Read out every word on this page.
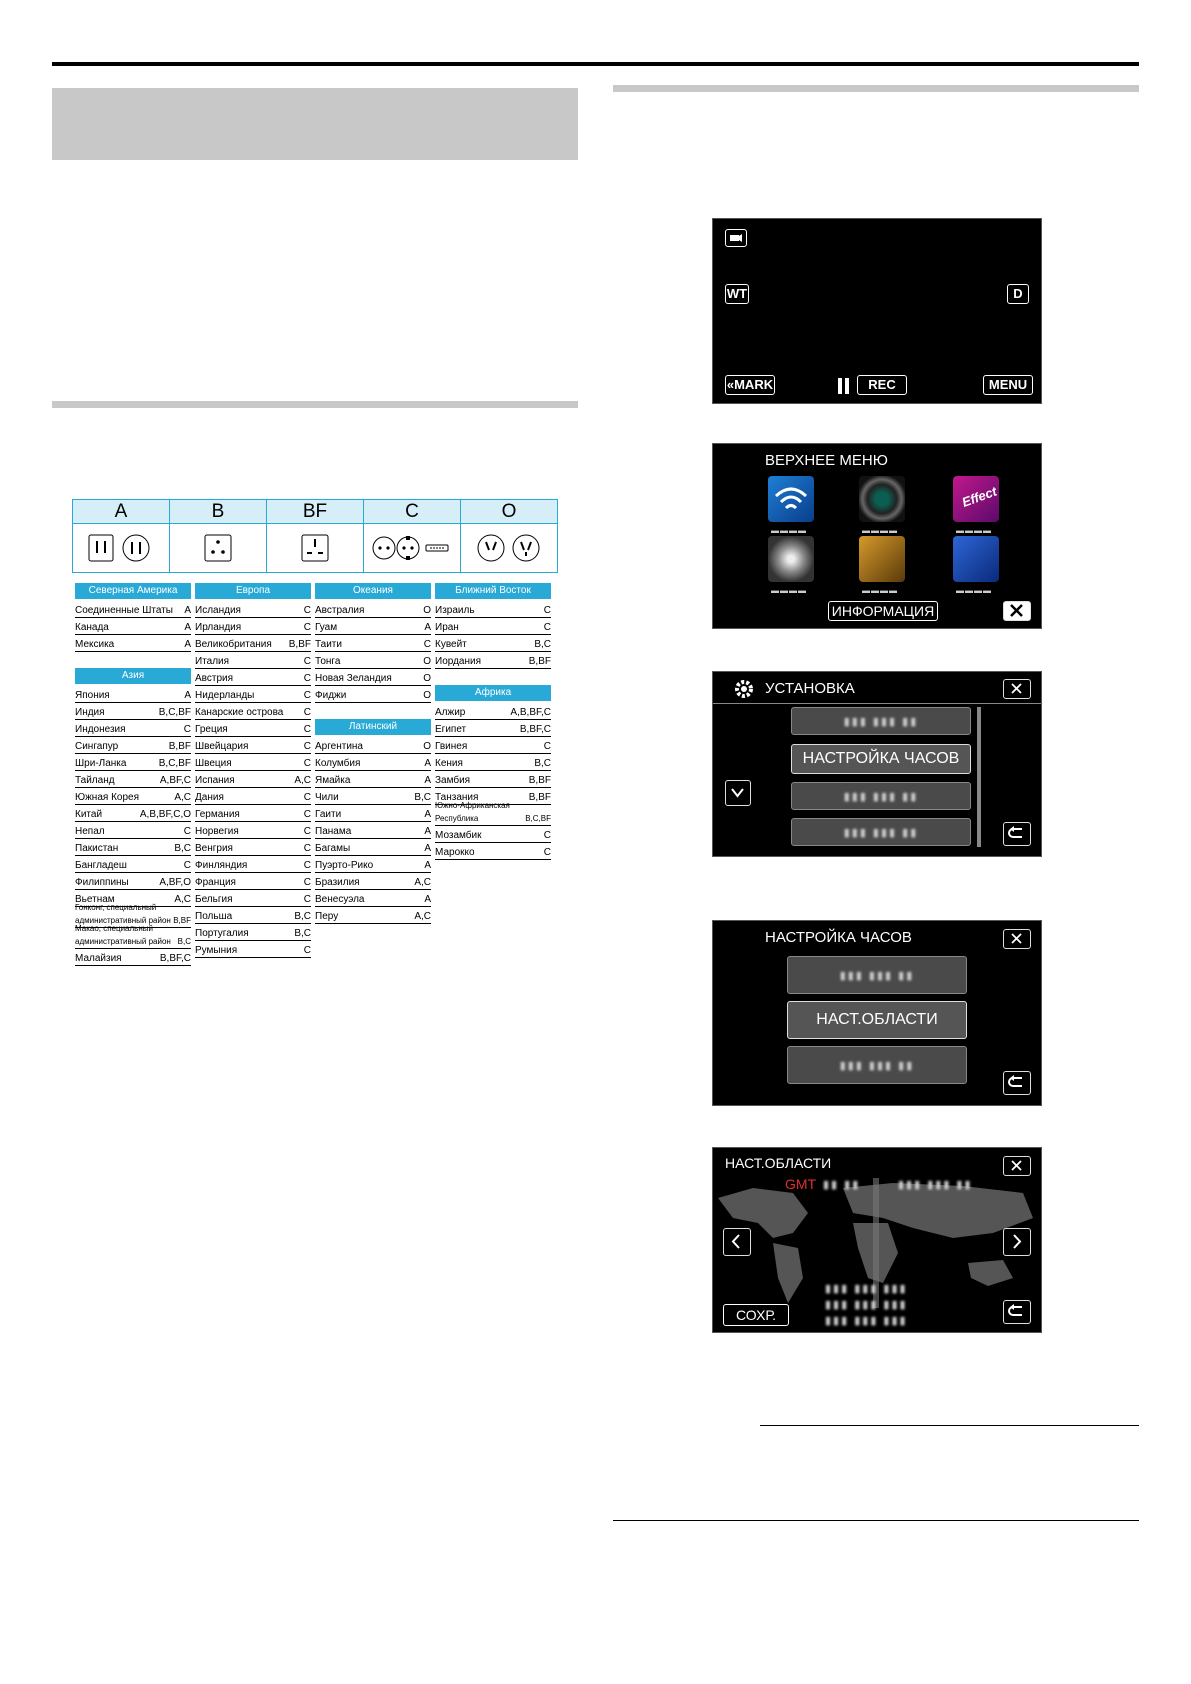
A	B	BF	C	O
Северная Америка
Соединенные Штаты A
Канада	A
Мексика	A
Азия
Япония	A
Индия	B,C,BF
Индонезия	C
Сингапур	B,BF
Шри-Ланка	B,C,BF
Тайланд	A,BF,C
Южная Корея	A,C
Китай	A,B,BF,C,O
Непал	C
Пакистан	B,C
Бангладеш	C
Филиппины	A,BF,O
Вьетнам	A,C
Гонконг, специальный административный район B,BF
Макао, специальный административный район B,C
Малайзия	B,BF,C
Европа
Исландия	C
Ирландия	C
Великобритания B,BF
Италия	C
Австрия	C
Нидерланды	C
Канарские острова C
Греция	C
Швейцария	C
Швеция	C
Испания	A,C
Дания	C
Германия	C
Норвегия	C
Венгрия	C
Финляндия	C
Франция	C
Бельгия	C
Польша	B,C
Португалия	B,C
Румыния	C
Океания
Австралия	O
Гуам	A
Таити	C
Тонга	O
Новая Зеландия	O
Фиджи	O
Латинский
Аргентина	O
Колумбия	A
Ямайка	A
Чили	B,C
Гаити	A
Панама	A
Багамы	A
Пуэрто-Рико	A
Бразилия	A,C
Венесуэла	A
Перу	A,C
Ближний Восток
Израиль	C
Иран	C
Кувейт	B,C
Иордания	B,BF
Африка
Алжир	A,B,BF,C
Египет	B,BF,C
Гвинея	C
Кения	B,C
Замбия	B,BF
Танзания	B,BF
Южно-Африканская Республика	B,C,BF
Мозамбик	C
Марокко	C
WT	D
«MARK	REC	MENU
ВЕРХНЕЕ МЕНЮ
▬▬▬▬	▬▬▬▬
Effect
▬▬▬▬
▬▬▬▬	▬▬▬▬	▬▬▬▬
ИНФОРМАЦИЯ
УСТАНОВКА
▮▮▮ ▮▮▮ ▮▮
НАСТРОЙКА ЧАСОВ
▮▮▮ ▮▮▮ ▮▮
▮▮▮ ▮▮▮ ▮▮
НАСТРОЙКА ЧАСОВ
▮▮▮ ▮▮▮ ▮▮
НАСТ.ОБЛАСТИ
▮▮▮ ▮▮▮ ▮▮
НАСТ.ОБЛАСТИ
GMT ▮▮ ▮▮	▮▮▮ ▮▮▮ ▮▮
▮▮▮ ▮▮▮ ▮▮▮
▮▮▮ ▮▮▮ ▮▮▮
▮▮▮ ▮▮▮ ▮▮▮
СОХР.
